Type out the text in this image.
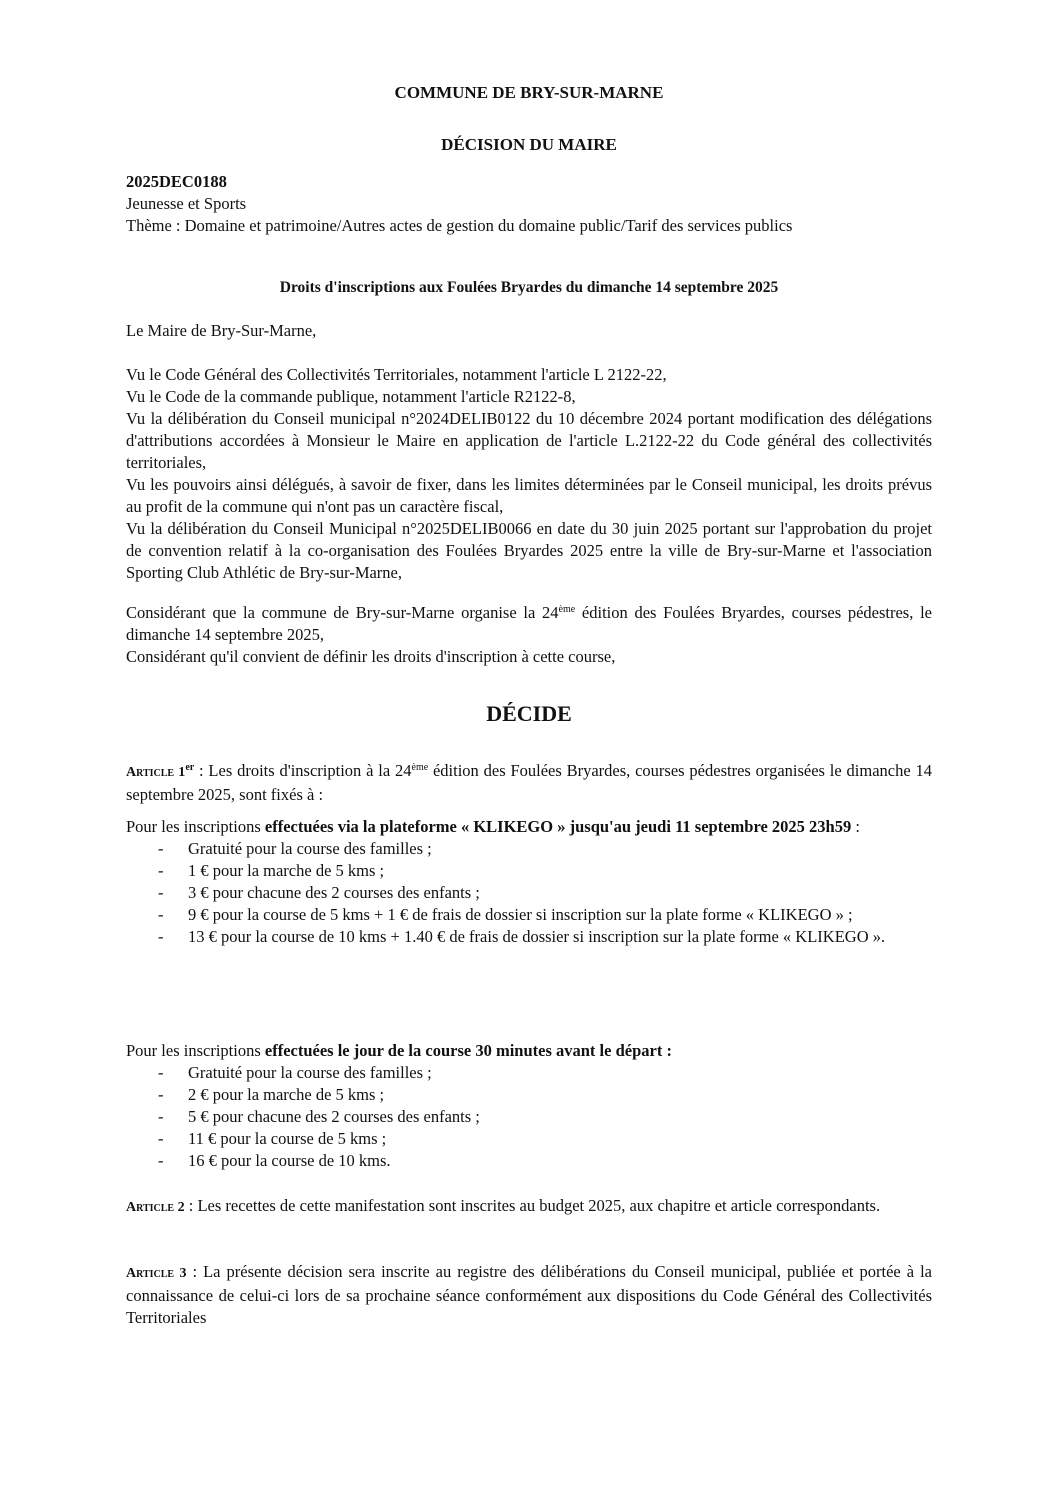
COMMUNE DE BRY-SUR-MARNE
DÉCISION DU MAIRE
2025DEC0188
Jeunesse et Sports
Thème : Domaine et patrimoine/Autres actes de gestion du domaine public/Tarif des services publics
Droits d'inscriptions aux Foulées Bryardes du dimanche 14 septembre 2025
Le Maire de Bry-Sur-Marne,

Vu le Code Général des Collectivités Territoriales, notamment l'article L 2122-22,

Vu le Code de la commande publique, notamment l'article R2122-8,

Vu la délibération du Conseil municipal n°2024DELIB0122 du 10 décembre 2024 portant modification des délégations d'attributions accordées à Monsieur le Maire en application de l'article L.2122-22 du Code général des collectivités territoriales,

Vu les pouvoirs ainsi délégués, à savoir de fixer, dans les limites déterminées par le Conseil municipal, les droits prévus au profit de la commune qui n'ont pas un caractère fiscal,

Vu la délibération du Conseil Municipal n°2025DELIB0066 en date du 30 juin 2025 portant sur l'approbation du projet de convention relatif à la co-organisation des Foulées Bryardes 2025 entre la ville de Bry-sur-Marne et l'association Sporting Club Athlétic de Bry-sur-Marne,

Considérant que la commune de Bry-sur-Marne organise la 24ème édition des Foulées Bryardes, courses pédestres, le dimanche 14 septembre 2025,

Considérant qu'il convient de définir les droits d'inscription à cette course,

DÉCIDE

Article 1er : Les droits d'inscription à la 24ème édition des Foulées Bryardes, courses pédestres organisées le dimanche 14 septembre 2025, sont fixés à :

Pour les inscriptions effectuées via la plateforme « KLIKEGO » jusqu'au jeudi 11 septembre 2025 23h59 :

- Gratuité pour la course des familles ;
- 1 € pour la marche de 5 kms ;
- 3 € pour chacune des 2 courses des enfants ;
- 9 € pour la course de 5 kms + 1 € de frais de dossier si inscription sur la plate forme « KLIKEGO » ;
- 13 € pour la course de 10 kms + 1.40 € de frais de dossier si inscription sur la plate forme « KLIKEGO ».

Pour les inscriptions effectuées le jour de la course 30 minutes avant le départ :

- Gratuité pour la course des familles ;
- 2 € pour la marche de 5 kms ;
- 5 € pour chacune des 2 courses des enfants ;
- 11 € pour la course de 5 kms ;
- 16 € pour la course de 10 kms.

Article 2 : Les recettes de cette manifestation sont inscrites au budget 2025, aux chapitre et article correspondants.

Article 3 : La présente décision sera inscrite au registre des délibérations du Conseil municipal, publiée et portée à la connaissance de celui-ci lors de sa prochaine séance conformément aux dispositions du Code Général des Collectivités Territoriales
